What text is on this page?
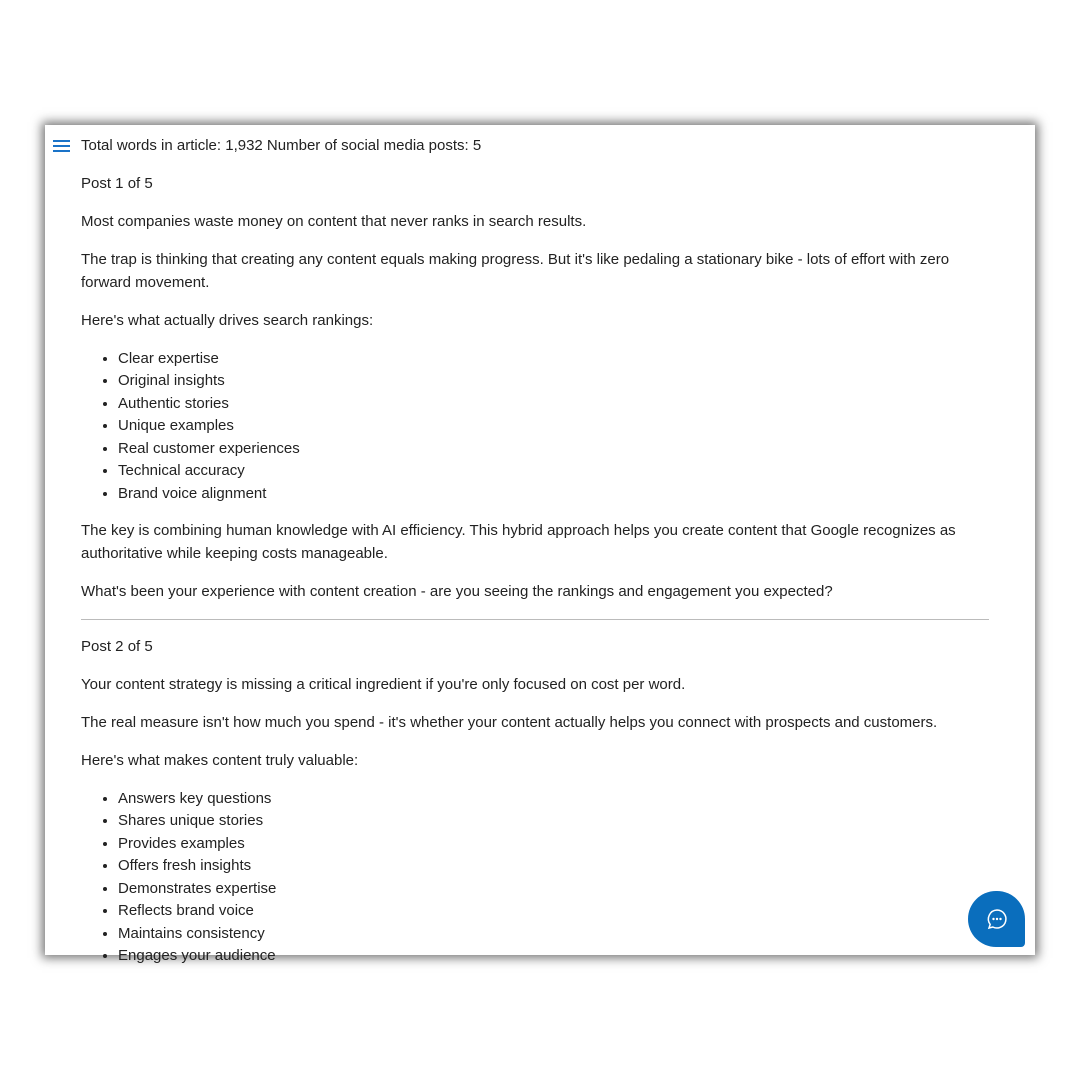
Total words in article: 1,932 Number of social media posts: 5

Post 1 of 5

Most companies waste money on content that never ranks in search results.

The trap is thinking that creating any content equals making progress. But it's like pedaling a stationary bike - lots of effort with zero forward movement.

Here's what actually drives search rankings:

• Clear expertise
• Original insights
• Authentic stories
• Unique examples
• Real customer experiences
• Technical accuracy
• Brand voice alignment

The key is combining human knowledge with AI efficiency. This hybrid approach helps you create content that Google recognizes as authoritative while keeping costs manageable.

What's been your experience with content creation - are you seeing the rankings and engagement you expected?

Post 2 of 5

Your content strategy is missing a critical ingredient if you're only focused on cost per word.

The real measure isn't how much you spend - it's whether your content actually helps you connect with prospects and customers.

Here's what makes content truly valuable:

• Answers key questions
• Shares unique stories
• Provides examples
• Offers fresh insights
• Demonstrates expertise
• Reflects brand voice
• Maintains consistency
• Engages your audience
